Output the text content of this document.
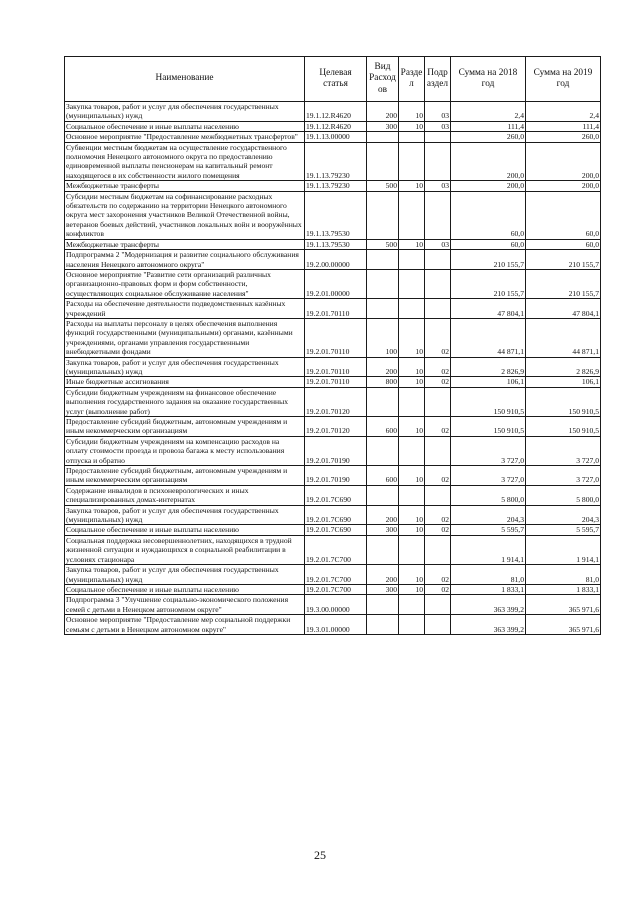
Наименование	Целевая статья	Вид Расход ов	Разде л	Подр аздел	Сумма на 2018 год	Сумма на 2019 год
Закупка товаров, работ и услуг для обеспечения государственных (муниципальных) нужд	19.1.12.R4620	200	10	03	2,4	2,4
Социальное обеспечение и иные выплаты населению	19.1.12.R4620	300	10	03	111,4	111,4
Основное мероприятие "Предоставление межбюджетных трансфертов"	19.1.13.00000				260,0	260,0
Субвенции местным бюджетам на осуществление государственного полномочия Ненецкого автономного округа по предоставлению единовременной выплаты пенсионерам на капитальный ремонт находящегося в их собственности жилого помещения	19.1.13.79230				200,0	200,0
Межбюджетные трансферты	19.1.13.79230	500	10	03	200,0	200,0
Субсидии местным бюджетам на софинансирование расходных обязательств по содержанию на территории Ненецкого автономного округа мест захоронения участников Великой Отечественной войны, ветеранов боевых действий, участников локальных войн и вооружённых конфликтов	19.1.13.79530				60,0	60,0
Межбюджетные трансферты	19.1.13.79530	500	10	03	60,0	60,0
Подпрограмма 2 "Модернизация и развитие социального обслуживания населения Ненецкого автономного округа"	19.2.00.00000				210 155,7	210 155,7
Основное мероприятие "Развитие сети организаций различных организационно-правовых форм и форм собственности, осуществляющих социальное обслуживание населения"	19.2.01.00000				210 155,7	210 155,7
Расходы на обеспечение деятельности подведомственных казённых учреждений	19.2.01.70110				47 804,1	47 804,1
Расходы на выплаты персоналу в целях обеспечения выполнения функций государственными (муниципальными) органами, казёнными учреждениями, органами управления государственными внебюджетными фондами	19.2.01.70110	100	10	02	44 871,1	44 871,1
Закупка товаров, работ и услуг для обеспечения государственных (муниципальных) нужд	19.2.01.70110	200	10	02	2 826,9	2 826,9
Иные бюджетные ассигнования	19.2.01.70110	800	10	02	106,1	106,1
Субсидии бюджетным учреждениям на финансовое обеспечение выполнения государственного задания на оказание государственных услуг (выполнение работ)	19.2.01.70120				150 910,5	150 910,5
Предоставление субсидий бюджетным, автономным учреждениям и иным некоммерческим организациям	19.2.01.70120	600	10	02	150 910,5	150 910,5
Субсидии бюджетным учреждениям на компенсацию расходов на оплату стоимости проезда и провоза багажа к месту использования отпуска и обратно	19.2.01.70190				3 727,0	3 727,0
Предоставление субсидий бюджетным, автономным учреждениям и иным некоммерческим организациям	19.2.01.70190	600	10	02	3 727,0	3 727,0
Содержание инвалидов в психоневрологических и иных специализированных домах-интернатах	19.2.01.7С690				5 800,0	5 800,0
Закупка товаров, работ и услуг для обеспечения государственных (муниципальных) нужд	19.2.01.7С690	200	10	02	204,3	204,3
Социальное обеспечение и иные выплаты населению	19.2.01.7С690	300	10	02	5 595,7	5 595,7
Социальная поддержка несовершеннолетних, находящихся в трудной жизненной ситуации и нуждающихся в социальной реабилитации в условиях стационара	19.2.01.7С700				1 914,1	1 914,1
Закупка товаров, работ и услуг для обеспечения государственных (муниципальных) нужд	19.2.01.7С700	200	10	02	81,0	81,0
Социальное обеспечение и иные выплаты населению	19.2.01.7С700	300	10	02	1 833,1	1 833,1
Подпрограмма 3 "Улучшение социально-экономического положения семей с детьми в Ненецком автономном округе"	19.3.00.00000				363 399,2	365 971,6
Основное мероприятие "Предоставление мер социальной поддержки семьям с детьми в Ненецком автономном округе"	19.3.01.00000				363 399,2	365 971,6
25
